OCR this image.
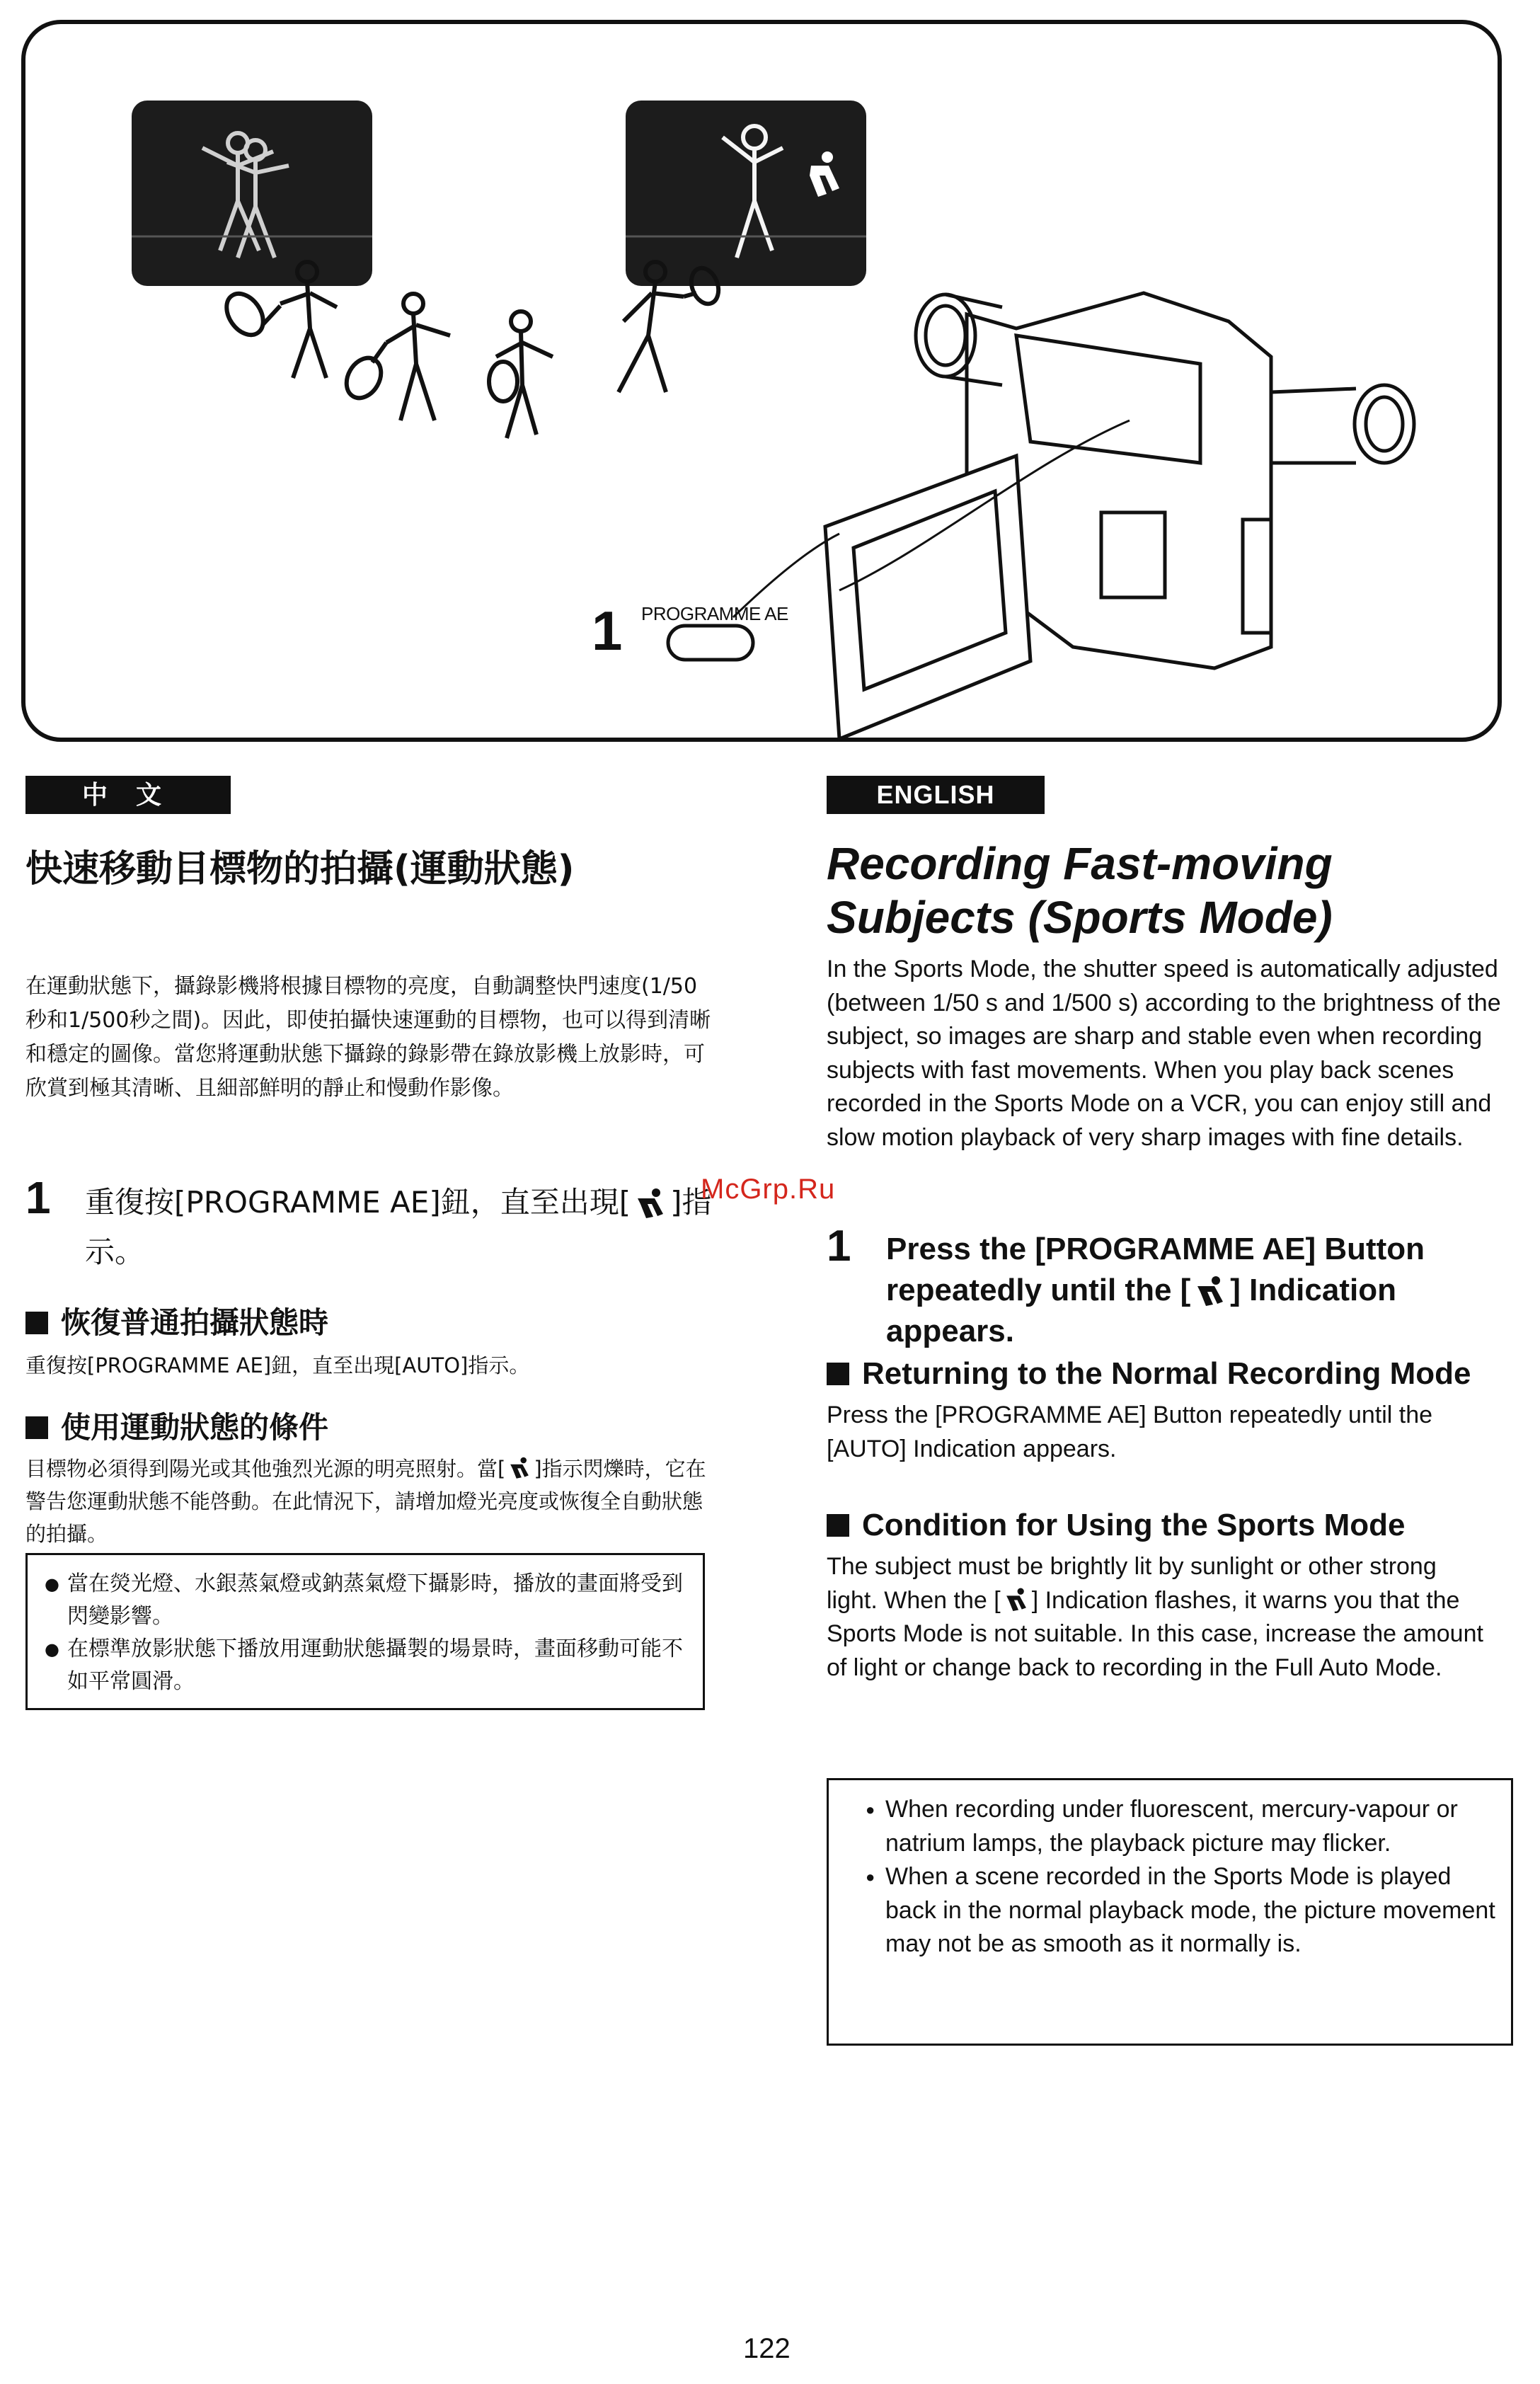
1 PROGRAMME AE
中文
快速移動目標物的拍攝(運動狀態)

在運動狀態下，攝錄影機將根據目標物的亮度，自動調整快門速度(1/50秒和1/500秒之間)。因此，即使拍攝快速運動的目標物，也可以得到清晰和穩定的圖像。當您將運動狀態下攝錄的錄影帶在錄放影機上放影時，可欣賞到極其清晰、且細部鮮明的靜止和慢動作影像。

1 重復按[PROGRAMME AE]鈕，直至出現[ ]指示。
恢復普通拍攝狀態時

重復按[PROGRAMME AE]鈕，直至出現[AUTO]指示。

使用運動狀態的條件

目標物必須得到陽光或其他強烈光源的明亮照射。當[ ]指示閃爍時，它在警告您運動狀態不能啓動。在此情況下，請增加燈光亮度或恢復全自動狀態的拍攝。

● 當在熒光燈、水銀蒸氣燈或鈉蒸氣燈下攝影時，播放的畫面將受到閃變影響。
● 在標準放影狀態下播放用運動狀態攝製的場景時，畫面移動可能不如平常圓滑。
ENGLISH
Recording Fast-moving Subjects (Sports Mode)

In the Sports Mode, the shutter speed is automatically adjusted (between 1/50 s and 1/500 s) according to the brightness of the subject, so images are sharp and stable even when recording subjects with fast movements. When you play back scenes recorded in the Sports Mode on a VCR, you can enjoy still and slow motion playback of very sharp images with fine details.

1 Press the [PROGRAMME AE] Button repeatedly until the [ ] Indication appears.
Returning to the Normal Recording Mode

Press the [PROGRAMME AE] Button repeatedly until the [AUTO] Indication appears.

Condition for Using the Sports Mode

The subject must be brightly lit by sunlight or other strong light. When the [ ] Indication flashes, it warns you that the Sports Mode is not suitable. In this case, increase the amount of light or change back to recording in the Full Auto Mode.

● When recording under fluorescent, mercury-vapour or natrium lamps, the playback picture may flicker.
● When a scene recorded in the Sports Mode is played back in the normal playback mode, the picture movement may not be as smooth as it normally is.
McGrp.Ru
122
